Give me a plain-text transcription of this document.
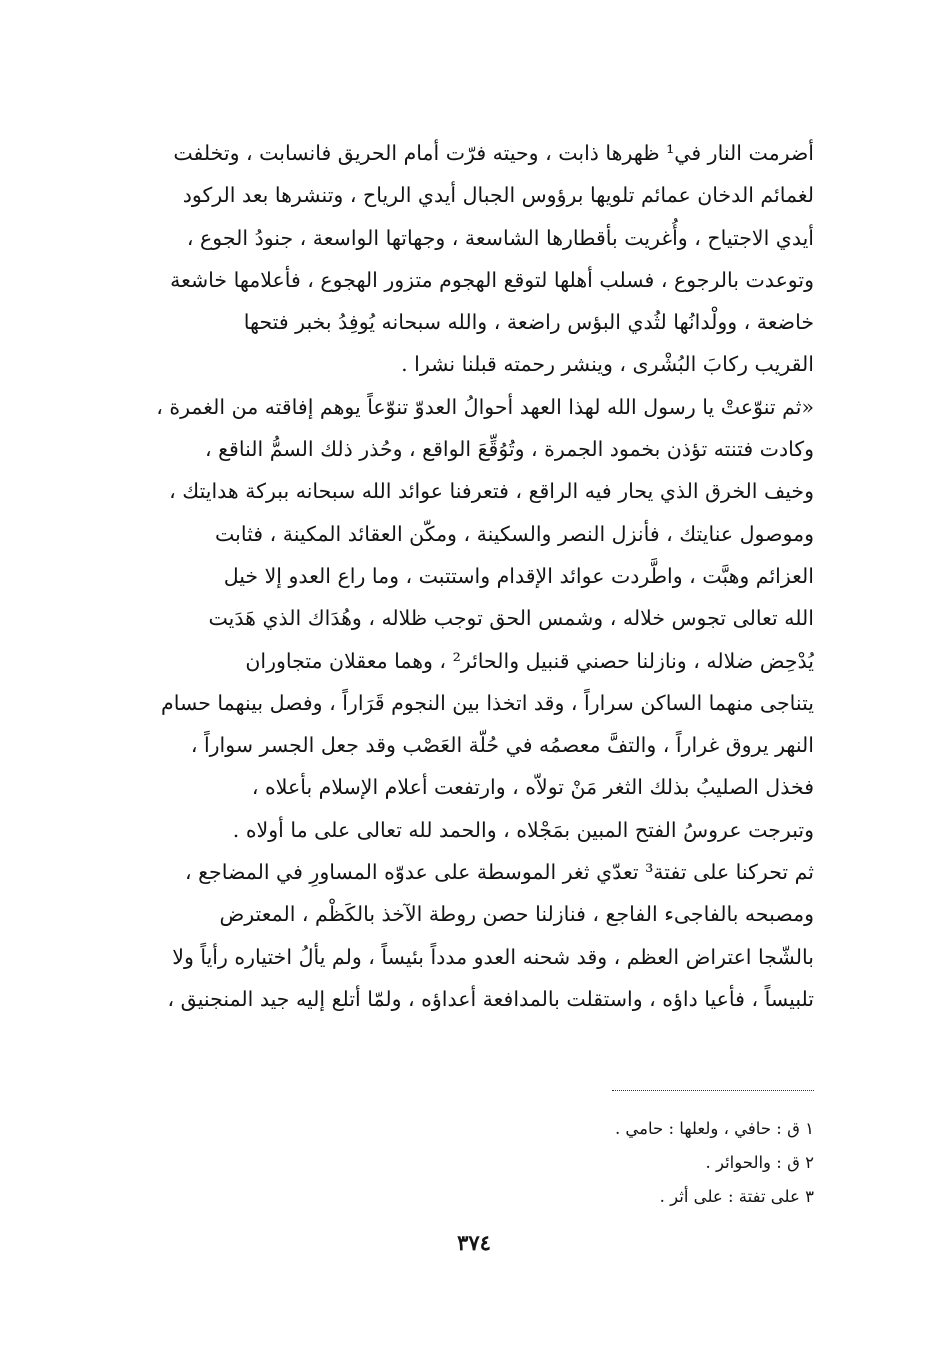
أضرمت النار في¹ ظهرها ذابت ، وحيته فرّت أمام الحريق فانسابت ، وتخلفت
لغمائم الدخان عمائم تلويها برؤوس الجبال أيدي الرياح ، وتنشرها بعد الركود
أيدي الاجتياح ، وأُغريت بأقطارها الشاسعة ، وجهاتها الواسعة ، جنودُ الجوع ،
وتوعدت بالرجوع ، فسلب أهلها لتوقع الهجوم متزور الهجوع ، فأعلامها خاشعة
خاضعة ، وولْدانُها لثُدي البؤس راضعة ، والله سبحانه يُوفِدُ بخبر فتحها
القريب ركابَ البُشْرى ، وينشر رحمته قبلنا نشرا .
«ثم تنوّعتْ يا رسول الله لهذا العهد أحوالُ العدوّ تنوّعاً يوهم إفاقته من الغمرة ،
وكادت فتنته تؤذن بخمود الجمرة ، وتُوُقِّعَ الواقع ، وحُذر ذلك السمُّ الناقع ،
وخيف الخرق الذي يحار فيه الراقع ، فتعرفنا عوائد الله سبحانه ببركة هدايتك ،
وموصول عنايتك ، فأنزل النصر والسكينة ، ومكّن العقائد المكينة ، فثابت
العزائم وهبَّت ، واطَّردت عوائد الإقدام واستتبت ، وما راع العدو إلا خيل
الله تعالى تجوس خلاله ، وشمس الحق توجب ظلاله ، وهُدَاك الذي هَدَيت
يُدْحِض ضلاله ، ونازلنا حصني قنبيل والحائر² ، وهما معقلان متجاوران
يتناجى منهما الساكن سراراً ، وقد اتخذا بين النجوم قَرَاراً ، وفصل بينهما حسام
النهر يروق غراراً ، والتفَّ معصمُه في حُلّة العَصْب وقد جعل الجسر سواراً ،
فخذل الصليبُ بذلك الثغر مَنْ تولاّه ، وارتفعت أعلام الإسلام بأعلاه ،
وتبرجت عروسُ الفتح المبين بمَجْلاه ، والحمد لله تعالى على ما أولاه .
ثم تحركنا على تفتة³ تعدّي ثغر الموسطة على عدوّه المساورِ في المضاجع ،
ومصبحه بالفاجىء الفاجع ، فنازلنا حصن روطة الآخذ بالكَظْم ، المعترض
بالشّجا اعتراض العظم ، وقد شحنه العدو مدداً بئيساً ، ولم يألُ اختياره رأياً ولا
تلبيساً ، فأعيا داؤه ، واستقلت بالمدافعة أعداؤه ، ولمّا أتلع إليه جيد المنجنيق ،
١ ق : حافي ، ولعلها : حامي .
٢ ق : والحوائر .
٣ على تفتة : على أثر .
٣٧٤
